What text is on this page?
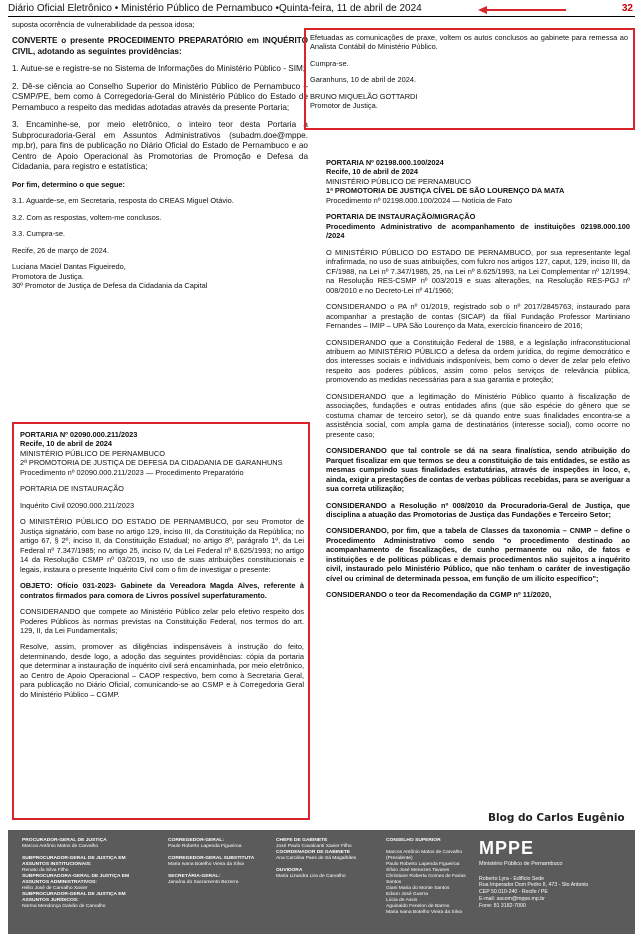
Diário Oficial Eletrônico • Ministério Público de Pernambuco •Quinta-feira, 11 de abril de 2024	32

suposta ocorrência de vulnerabilidade da pessoa idosa;

CONVERTE o presente PROCEDIMENTO PREPARATÓRIO em INQUÉRITO CIVIL, adotando as seguintes providências:

1. Autue-se e registre-se no Sistema de Informações do Ministério Público - SIM;

2. Dê-se ciência ao Conselho Superior do Ministério Público de Pernambuco – CSMP/PE, bem como à Corregedoria-Geral do Ministério Público do Estado de Pernambuco a respeito das medidas adotadas através da presente Portaria;

3. Encaminhe-se, por meio eletrônico, o inteiro teor desta Portaria à Subprocuradoria-Geral em Assuntos Administrativos (subadm.doe@mppe. mp.br), para fins de publicação no Diário Oficial do Estado de Pernambuco e ao Centro de Apoio Operacional às Promotorias de Promoção e Defesa da Cidadania, para registro e estatística;

Por fim, determino o que segue:

3.1. Aguarde-se, em Secretaria, resposta do CREAS Miguel Otávio.

3.2. Com as respostas, voltem-me conclusos.

3.3. Cumpra-se.

Recife, 26 de março de 2024.

Luciana Maciel Dantas Figueiredo,
Promotora de Justiça.
30º Promotor de Justiça de Defesa da Cidadania da Capital
PORTARIA Nº 02090.000.211/2023
Recife, 10 de abril de 2024
MINISTÉRIO PÚBLICO DE PERNAMBUCO
2ª PROMOTORIA DE JUSTIÇA DE DEFESA DA CIDADANIA DE GARANHUNS

Procedimento nº 02090.000.211/2023 — Procedimento Preparatório

PORTARIA DE INSTAURAÇÃO

Inquérito Civil 02090.000.211/2023

O MINISTÉRIO PÚBLICO DO ESTADO DE PERNAMBUCO, por seu Promotor de Justiça signatário, com base no artigo 129, inciso III, da Constituição da República; no artigo 67, § 2º, inciso II, da Constituição Estadual; no artigo 8º, parágrafo 1º, da Lei Federal nº 7.347/1985; no artigo 25, inciso IV, da Lei Federal nº 8.625/1993; no artigo 14 da Resolução CSMP nº 03/2019, no uso de suas atribuições constitucionais e legais, instaura o presente Inquérito Civil com o fim de investigar o presente:

OBJETO: Ofício 031-2023- Gabinete da Vereadora Magda Alves, referente à contratos firmados para comora de Livros possível superfaturamento.

CONSIDERANDO que compete ao Ministério Público zelar pelo efetivo respeito dos Poderes Públicos às normas previstas na Constituição Federal, nos termos do art. 129, II, da Lei Fundamentalis;

Resolve, assim, promover as diligências indispensáveis à instrução do feito, determinando, desde logo, a adoção das seguintes providências: cópia da portaria que determinar a instauração de inquérito civil será encaminhada, por meio eletrônico, ao Centro de Apoio Operacional – CAOP respectivo, bem como à Secretaria Geral, para publicação no Diário Oficial, comunicando-se ao CSMP e à Corregedoria Geral do Ministério Público – CGMP.

Efetuadas as comunicações de praxe, voltem os autos conclusos ao gabinete para remessa ao Analista Contábil do Ministério Público.

Cumpra-se.

Garanhuns, 10 de abril de 2024.

BRUNO MIQUELÃO GOTTARDI
Promotor de Justiça.
PORTARIA Nº 02198.000.100/2024
Recife, 10 de abril de 2024
MINISTÉRIO PÚBLICO DE PERNAMBUCO
1ª PROMOTORIA DE JUSTIÇA CÍVEL DE SÃO LOURENÇO DA MATA

Procedimento nº 02198.000.100/2024 — Notícia de Fato

PORTARIA DE INSTAURAÇÃO/MIGRAÇÃO

Procedimento Administrativo de acompanhamento de instituições 02198.000.100 /2024

O MINISTÉRIO PÚBLICO DO ESTADO DE PERNAMBUCO, por sua representante legal infrafirmada, no uso de suas atribuições, com fulcro nos artigos 127, caput, 129, inciso III, da CF/1988, na Lei nº 7.347/1985, 25, na Lei nº 8.625/1993, na Lei Complementar nº 12/1994, na Resolução RES-CSMP nº 003/2019 e suas alterações, na Resolução RES-PGJ nº 008/2010 e no Decreto-Lei nº 41/1966;

CONSIDERANDO o PA nº 01/2019, registrado sob o nº 2017/2845763, instaurado para acompanhar a prestação de contas (SICAP) da filial Fundação Professor Martiniano Fernandes – IMIP – UPA São Lourenço da Mata, exercício financeiro de 2016;

CONSIDERANDO que a Constituição Federal de 1988, e a legislação infraconstitucional atribuem ao MINISTÉRIO PÚBLICO a defesa da ordem jurídica, do regime democrático e dos interesses sociais e individuais indisponíveis, bem como o dever de zelar pelo efetivo respeito aos poderes públicos, assim como pelos serviços de relevância pública, promovendo as medidas necessárias para a sua garantia e proteção;

CONSIDERANDO que a legitimação do Ministério Público quanto à fiscalização de associações, fundações e outras entidades afins (que são espécie do gênero que se costuma chamar de terceiro setor), se dá quando entre suas finalidades encontra-se a assistência social, com ampla gama de destinatários (interesse social), como ocorre no presente caso;

CONSIDERANDO que tal controle se dá na seara finalística, sendo atribuição do Parquet fiscalizar em que termos se deu a constituição de tais entidades, se estão as mesmas cumprindo suas finalidades estatutárias, através de inspeções in loco, e, ainda, exigir a prestações de contas de verbas públicas recebidas, para se averiguar a sua correta utilização;

CONSIDERANDO a Resolução nº 008/2010 da Procuradoria-Geral de Justiça, que disciplina a atuação das Promotorias de Justiça das Fundações e Terceiro Setor;

CONSIDERANDO, por fim, que a tabela de Classes da taxonomia – CNMP – define o Procedimento Administrativo como sendo "o procedimento destinado ao acompanhamento de fiscalizações, de cunho permanente ou não, de fatos e instituições e de políticas públicas e demais procedimentos não sujeitos a inquérito civil, instaurado pelo Ministério Público, que não tenham o caráter de investigação cível ou criminal de determinada pessoa, em função de um ilícito específico";

CONSIDERANDO o teor da Recomendação da CGMP nº 11/2020,

Blog do Carlos Eugênio
PROCURADOR-GERAL DE JUSTIÇA
Marcos Antônio Matos de Carvalho
SUBPROCURADOR-GERAL DE JUSTIÇA EM ASSUNTOS INSTITUCIONAIS:
Renato da Silva Filho
SUBPROCURADORA-GERAL DE JUSTIÇA EM ASSUNTOS ADMINISTRATIVOS:
Hélio José de Carvalho Xavier
SUBPROCURADOR-GERAL DE JUSTIÇA EM ASSUNTOS JURÍDICOS:
Norma Mendonça Galvão de Carvalho
CORREGEDOR-GERAL:
Paulo Roberto Lapenda Figueiroa
CORREGEDOR-GERAL SUBSTITUTA
Maria Ivana Botelho Vieira da Silva
SECRETÁRIA-GERAL:
Janaína do Sacramento Bezerra
CHEFE DE GABINETE
José Paulo Cavalcanti Xavier Filho
COORDENADOR DE GABINETE
Ana Carolina Paes de Sá Magalhães
OUVIDORA
Maria Lizandra Lira de Carvalho
CONSELHO SUPERIOR
Marcos Antônio Matos de Carvalho
(Presidente)
Paulo Roberto Lapenda Figueiroa
Sílvio José Menezes Tavares
Christiane Roberta Gomes de Farias Santos
Giani Maria do Monte Santos
Edson José Guerra
Lúcia de Assis
Aguinaldo Fenelon de Barros
Maria Ivana Botelho Vieira da Silva
MPPE
Ministério Público de Pernambuco
Roberto Lyra - Edifício Sede
Rua Imperador Dom Pedro II, 473 - Sto Antonio
CEP 50.010-240 - Recife / PE
E-mail: ascom@mppe.mp.br
Fone: 81 3182-7000
